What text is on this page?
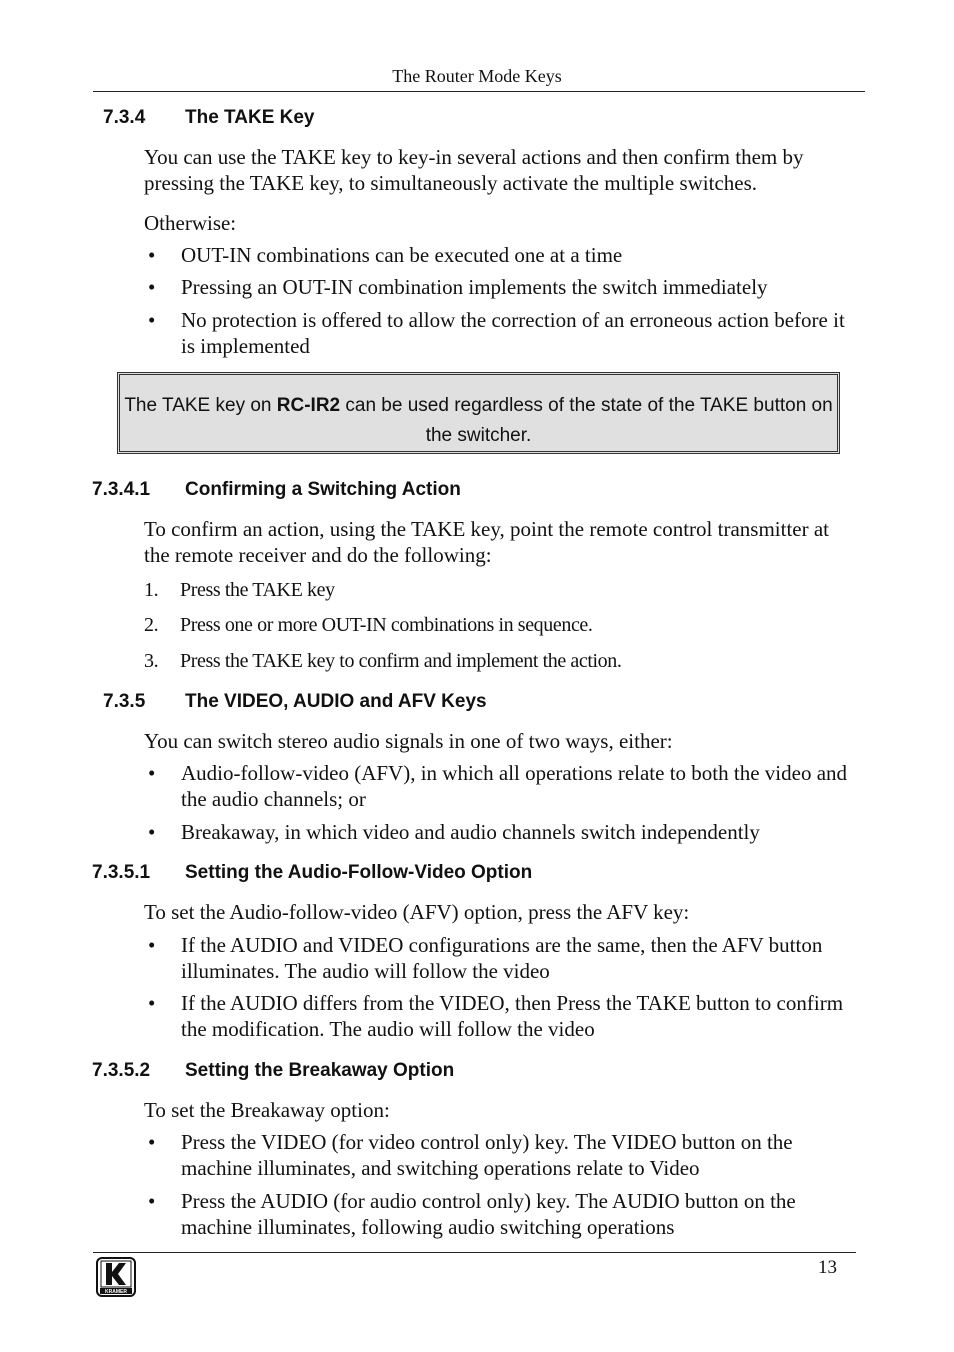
The Router Mode Keys
7.3.4 The TAKE Key
You can use the TAKE key to key-in several actions and then confirm them by pressing the TAKE key, to simultaneously activate the multiple switches.
Otherwise:
• OUT-IN combinations can be executed one at a time
• Pressing an OUT-IN combination implements the switch immediately
• No protection is offered to allow the correction of an erroneous action before it is implemented
The TAKE key on RC-IR2 can be used regardless of the state of the TAKE button on the switcher.
7.3.4.1 Confirming a Switching Action
To confirm an action, using the TAKE key, point the remote control transmitter at the remote receiver and do the following:
1. Press the TAKE key
2. Press one or more OUT-IN combinations in sequence.
3. Press the TAKE key to confirm and implement the action.
7.3.5 The VIDEO, AUDIO and AFV Keys
You can switch stereo audio signals in one of two ways, either:
• Audio-follow-video (AFV), in which all operations relate to both the video and the audio channels; or
• Breakaway, in which video and audio channels switch independently
7.3.5.1 Setting the Audio-Follow-Video Option
To set the Audio-follow-video (AFV) option, press the AFV key:
• If the AUDIO and VIDEO configurations are the same, then the AFV button illuminates. The audio will follow the video
• If the AUDIO differs from the VIDEO, then Press the TAKE button to confirm the modification. The audio will follow the video
7.3.5.2 Setting the Breakaway Option
To set the Breakaway option:
• Press the VIDEO (for video control only) key. The VIDEO button on the machine illuminates, and switching operations relate to Video
• Press the AUDIO (for audio control only) key. The AUDIO button on the machine illuminates, following audio switching operations
KRAMER
13
